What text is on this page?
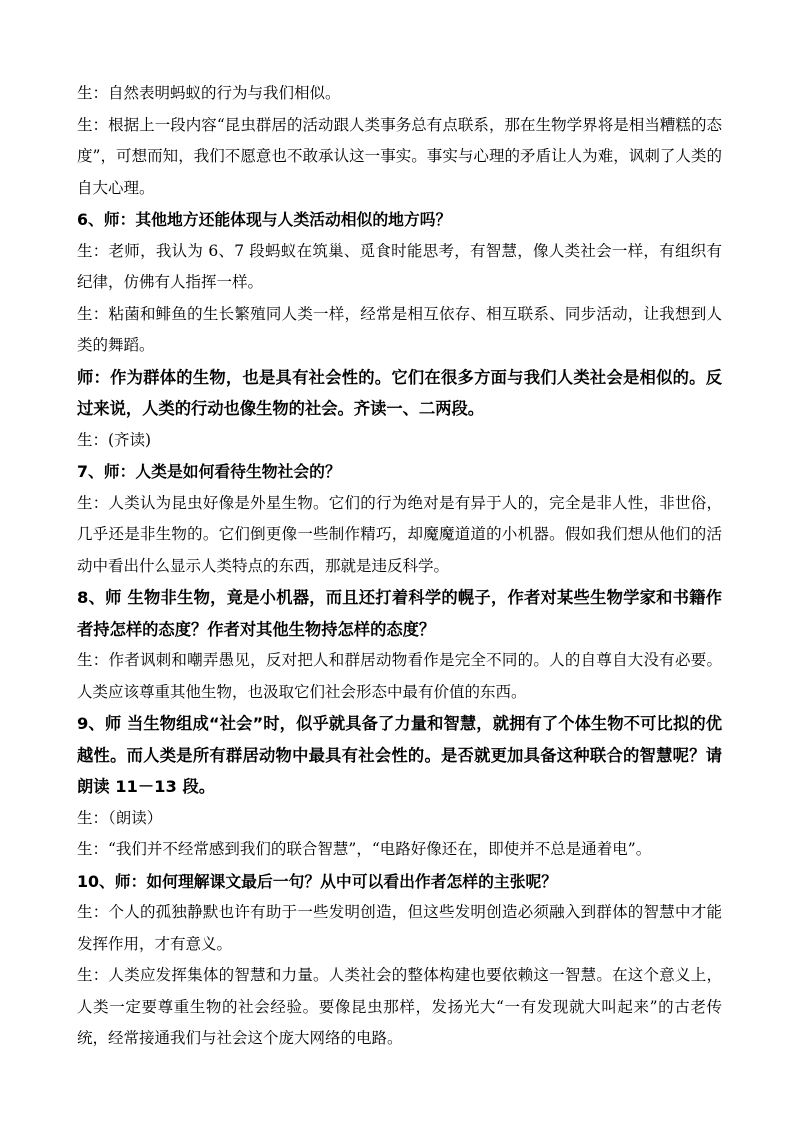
生：自然表明蚂蚁的行为与我们相似。

生：根据上一段内容“昆虫群居的活动跟人类事务总有点联系，那在生物学界将是相当糟糕的态度”，可想而知，我们不愿意也不敢承认这一事实。事实与心理的矛盾让人为难，讽刺了人类的自大心理。

6、师：其他地方还能体现与人类活动相似的地方吗？

生：老师，我认为 6、7 段蚂蚁在筑巢、觅食时能思考，有智慧，像人类社会一样，有组织有纪律，仿佛有人指挥一样。

生：粘菌和鲱鱼的生长繁殖同人类一样，经常是相互依存、相互联系、同步活动，让我想到人类的舞蹈。

师：作为群体的生物，也是具有社会性的。它们在很多方面与我们人类社会是相似的。反过来说，人类的行动也像生物的社会。齐读一、二两段。

生：(齐读)

7、师：人类是如何看待生物社会的？

生：人类认为昆虫好像是外星生物。它们的行为绝对是有异于人的，完全是非人性，非世俗，几乎还是非生物的。它们倒更像一些制作精巧，却魔魔道道的小机器。假如我们想从他们的活动中看出什么显示人类特点的东西，那就是违反科学。

8、师 生物非生物，竟是小机器，而且还打着科学的幌子，作者对某些生物学家和书籍作者持怎样的态度？作者对其他生物持怎样的态度？

生：作者讽刺和嘲弄愚见，反对把人和群居动物看作是完全不同的。人的自尊自大没有必要。人类应该尊重其他生物，也汲取它们社会形态中最有价值的东西。

9、师 当生物组成“社会”时，似乎就具备了力量和智慧，就拥有了个体生物不可比拟的优越性。而人类是所有群居动物中最具有社会性的。是否就更加具备这种联合的智慧呢？请朗读 11－13 段。

生：（朗读）

生：“我们并不经常感到我们的联合智慧”，“电路好像还在，即使并不总是通着电”。

10、师：如何理解课文最后一句？从中可以看出作者怎样的主张呢？

生：个人的孤独静默也许有助于一些发明创造，但这些发明创造必须融入到群体的智慧中才能发挥作用，才有意义。

生：人类应发挥集体的智慧和力量。人类社会的整体构建也要依赖这一智慧。在这个意义上，人类一定要尊重生物的社会经验。要像昆虫那样，发扬光大“一有发现就大叫起来”的古老传统，经常接通我们与社会这个庞大网络的电路。
